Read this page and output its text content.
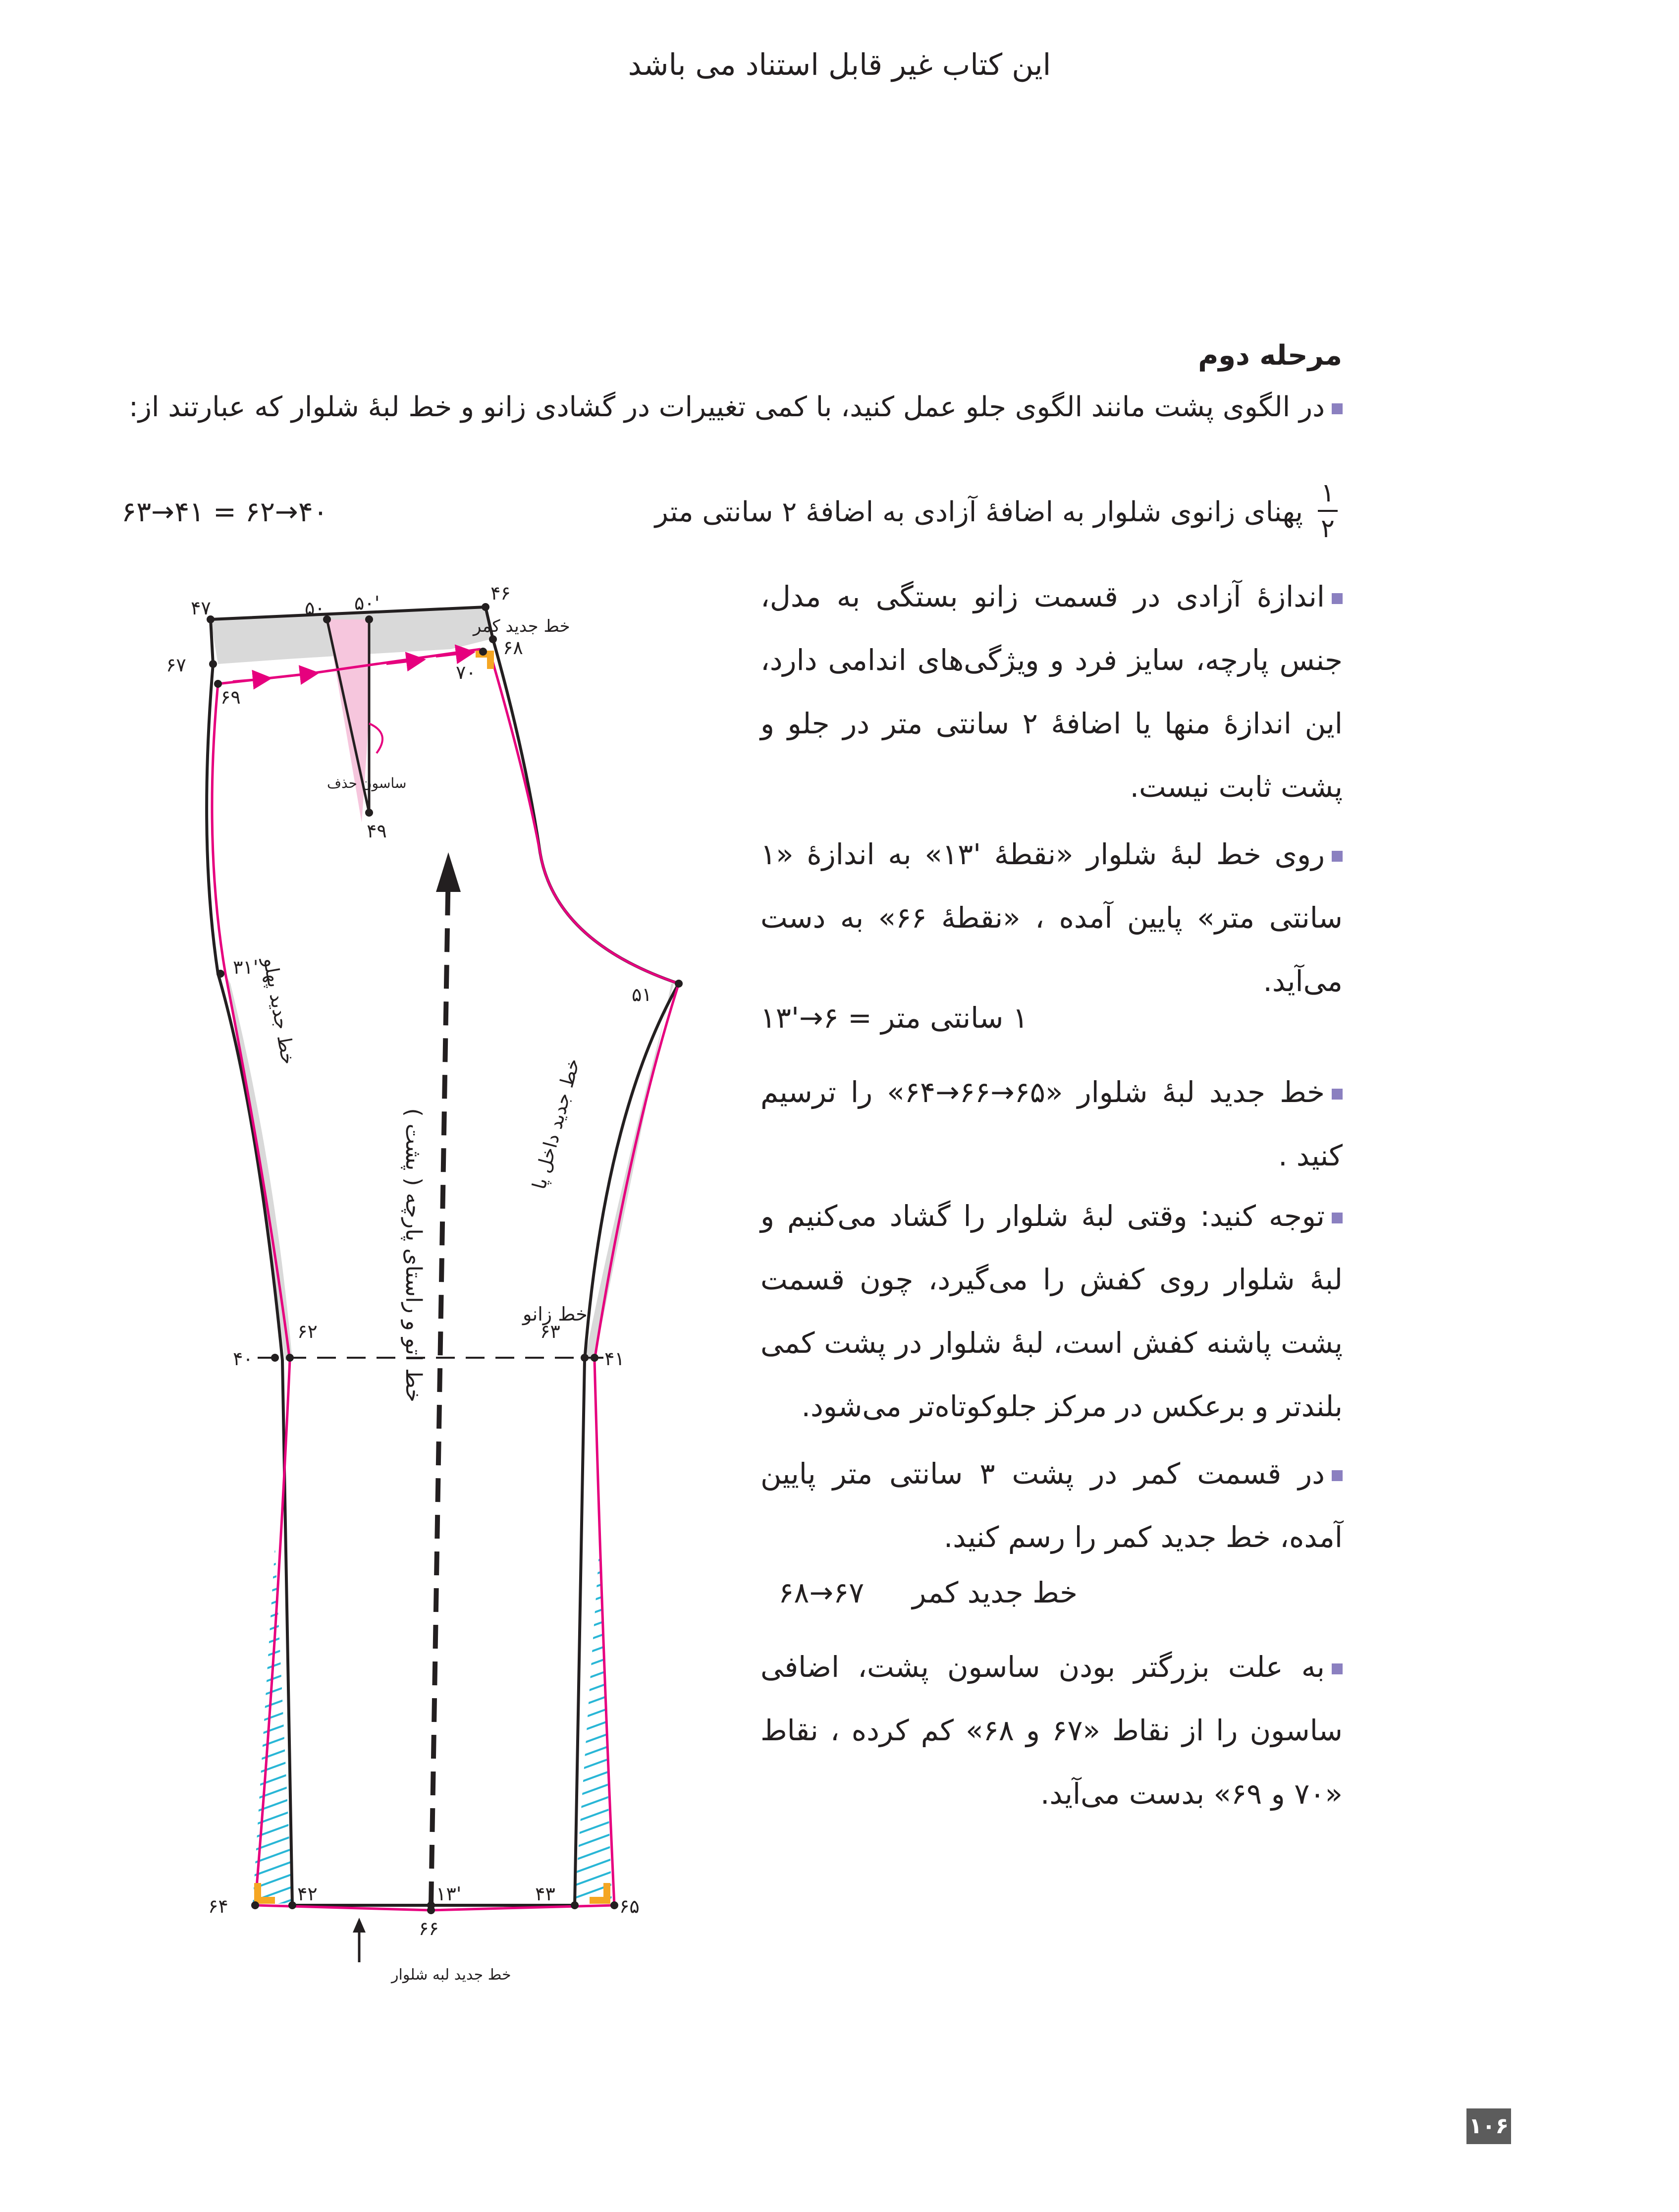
این کتاب غیر قابل استناد می باشد
مرحله دوم
در الگوی پشت مانند الگوی جلو عمل کنید، با کمی تغییرات در گشادی زانو و خط لبۀ شلوار که عبارتند از:
۱
۲
پهنای زانوی شلوار به اضافۀ آزادی به اضافۀ ۲ سانتی متر
۴۰→۶۲ = ۴۱→۶۳
اندازۀ آزادی در قسمت زانو بستگی به مدل، جنس پارچه، سایز فرد و ویژگی‌های اندامی دارد، این اندازۀ منها یا اضافۀ ۲ سانتی متر در جلو و پشت ثابت نیست.
روی خط لبۀ شلوار «نقطۀ '۱۳» به اندازۀ «۱ سانتی متر» پایین آمده ، «نقطۀ ۶۶» به دست می‌آید.
۱ سانتی متر = ۶→'۱۳
خط جدید لبۀ شلوار «۶۵→۶۶→۶۴» را ترسیم کنید .
توجه کنید: وقتی لبۀ شلوار را گشاد می‌کنیم و لبۀ شلوار روی کفش را می‌گیرد، چون قسمت پشت پاشنه کفش است، لبۀ شلوار در پشت کمی بلندتر و برعکس در مرکز جلوکوتاه‌تر می‌شود.
در قسمت کمر در پشت ۳ سانتی متر پایین آمده، خط جدید کمر را رسم کنید.
خط جدید کمر  ۶۷→۶۸
به علت بزرگتر بودن ساسون پشت، اضافی ساسون را از نقاط «۶۷ و ۶۸» کم کرده ، نقاط «۷۰ و ۶۹» بدست می‌آید.
۴۷	۵۰ ۵۰'	۴۶
۶۷
۶۹
۶۸
۷۰
۴۹
۳۱'
۵۱
۴۰
۶۲	۶۳
۴۱
۶۴
۴۲	۱۳'	۴۳
۶۵
۶۶
خط جدید کمر
ساسون حذف
خط جدید پهلو
خط جدید داخل پا
خط زانو
خط اتو و راستای پارچه ( پشت )
خط جدید لبه شلوار
۱۰۶
